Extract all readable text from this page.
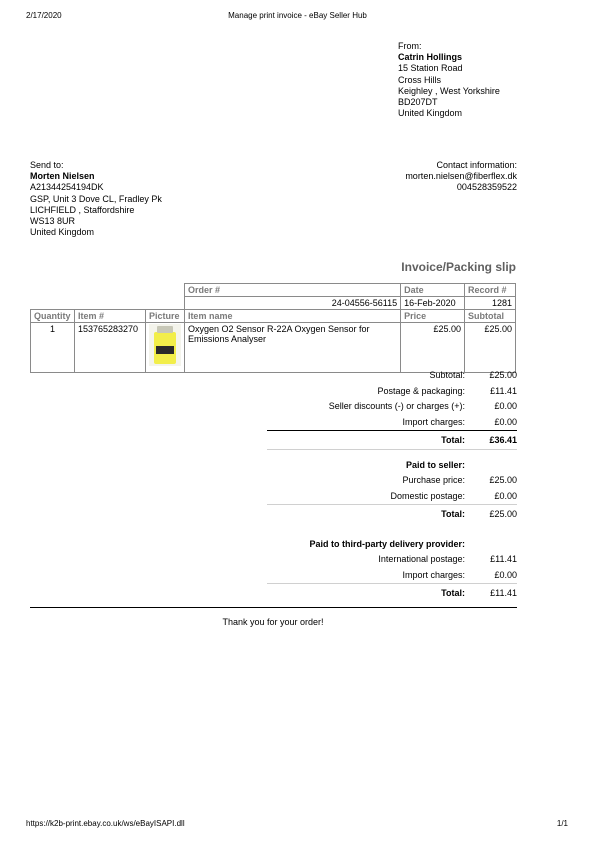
2/17/2020	Manage print invoice - eBay Seller Hub
From:
Catrin Hollings
15 Station Road
Cross Hills
Keighley , West Yorkshire
BD207DT
United Kingdom
Send to:
Morten Nielsen
A21344254194DK
GSP, Unit 3 Dove CL, Fradley Pk
LICHFIELD , Staffordshire
WS13 8UR
United Kingdom
Contact information:
morten.nielsen@fiberflex.dk
004528359522
Invoice/Packing slip
			Order #	Date	Record #
			24-04556-56115	16-Feb-2020	1281
Quantity	Item #	Picture	Item name	Price	Subtotal
1	153765283270		Oxygen O2 Sensor R-22A Oxygen Sensor for Emissions Analyser	£25.00	£25.00
Subtotal:	£25.00
Postage & packaging:	£11.41
Seller discounts (-) or charges (+):	£0.00
Import charges:	£0.00
Total:	£36.41
Paid to seller:
Purchase price:	£25.00
Domestic postage:	£0.00
Total:	£25.00
Paid to third-party delivery provider:
International postage:	£11.41
Import charges:	£0.00
Total:	£11.41
Thank you for your order!
https://k2b-print.ebay.co.uk/ws/eBayISAPI.dll	1/1
